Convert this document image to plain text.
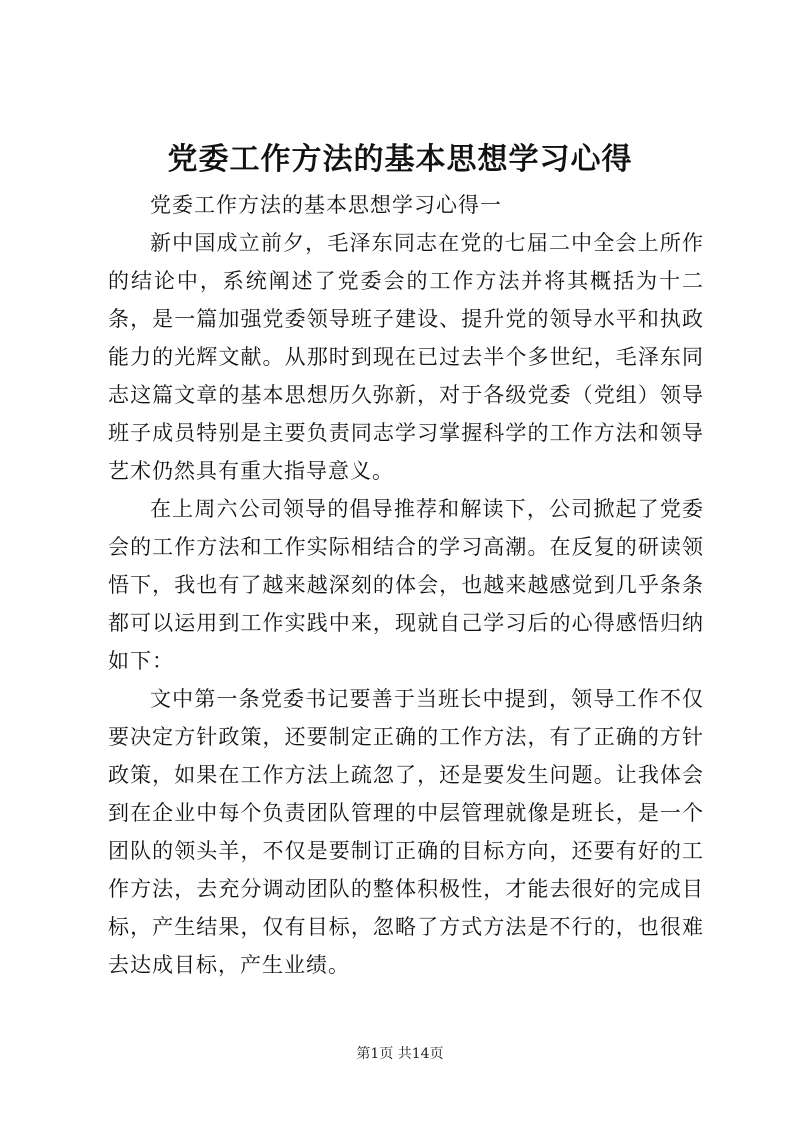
党委工作方法的基本思想学习心得

党委工作方法的基本思想学习心得一

新中国成立前夕，毛泽东同志在党的七届二中全会上所作的结论中，系统阐述了党委会的工作方法并将其概括为十二条，是一篇加强党委领导班子建设、提升党的领导水平和执政能力的光辉文献。从那时到现在已过去半个多世纪，毛泽东同志这篇文章的基本思想历久弥新，对于各级党委（党组）领导班子成员特别是主要负责同志学习掌握科学的工作方法和领导艺术仍然具有重大指导意义。

在上周六公司领导的倡导推荐和解读下，公司掀起了党委会的工作方法和工作实际相结合的学习高潮。在反复的研读领悟下，我也有了越来越深刻的体会，也越来越感觉到几乎条条都可以运用到工作实践中来，现就自己学习后的心得感悟归纳如下：

文中第一条党委书记要善于当班长中提到，领导工作不仅要决定方针政策，还要制定正确的工作方法，有了正确的方针政策，如果在工作方法上疏忽了，还是要发生问题。让我体会到在企业中每个负责团队管理的中层管理就像是班长，是一个团队的领头羊，不仅是要制订正确的目标方向，还要有好的工作方法，去充分调动团队的整体积极性，才能去很好的完成目标，产生结果，仅有目标，忽略了方式方法是不行的，也很难去达成目标，产生业绩。

第1页 共14页
